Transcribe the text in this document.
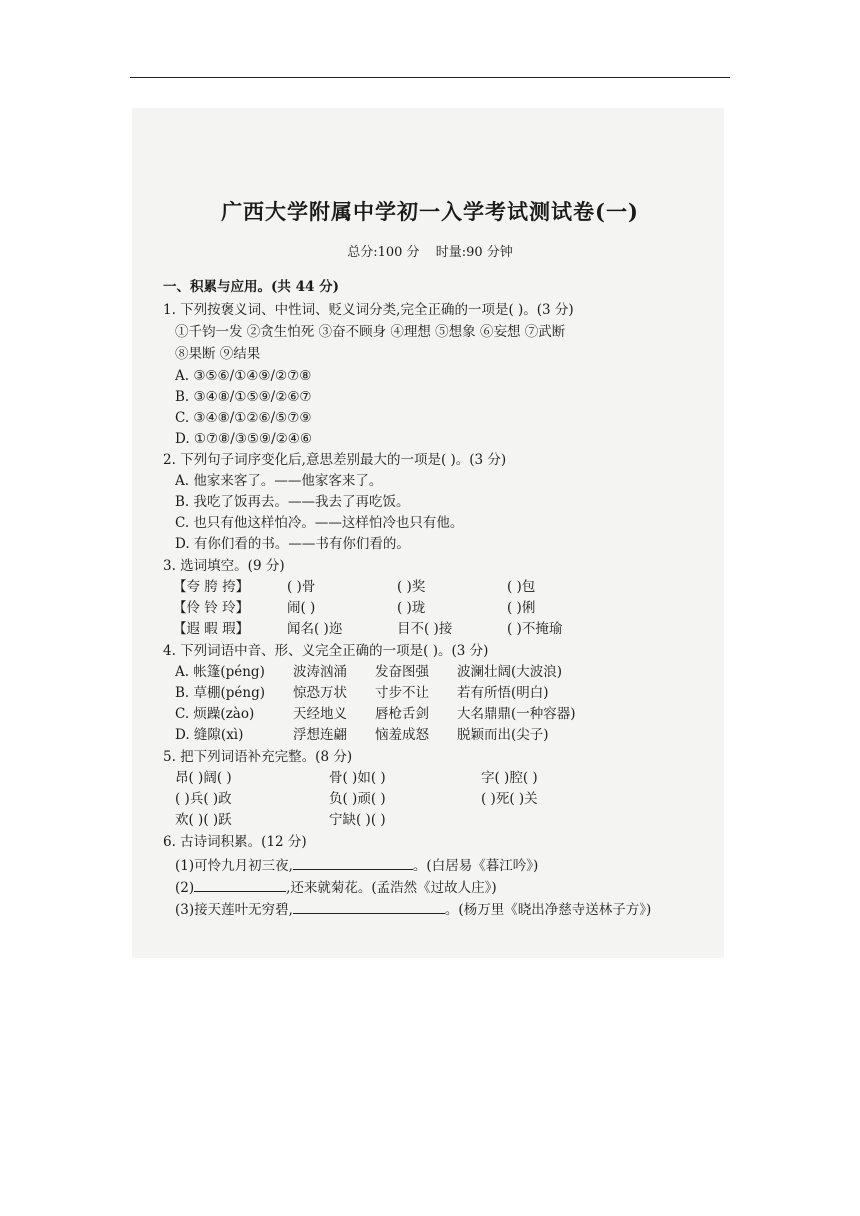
广西大学附属中学初一入学考试测试卷(一)
总分:100 分 时量:90 分钟
一、积累与应用。(共 44 分)
1. 下列按褒义词、中性词、贬义词分类,完全正确的一项是( )。(3 分)
①千钧一发 ②贪生怕死 ③奋不顾身 ④理想 ⑤想象 ⑥妄想 ⑦武断
⑧果断 ⑨结果
A. ③⑤⑥/①④⑨/②⑦⑧
B. ③④⑧/①⑤⑨/②⑥⑦
C. ③④⑧/①②⑥/⑤⑦⑨
D. ①⑦⑧/③⑤⑨/②④⑥
2. 下列句子词序变化后,意思差别最大的一项是( )。(3 分)
A. 他家来客了。——他家客来了。
B. 我吃了饭再去。——我去了再吃饭。
C. 也只有他这样怕冷。——这样怕冷也只有他。
D. 有你们看的书。——书有你们看的。
3. 选词填空。(9 分)
【夸 胯 挎】	( )骨	( )奖	( )包
【伶 铃 玲】	闹( )	( )珑	( )俐
【遐 暇 瑕】	闻名( )迩	目不( )接	( )不掩瑜
4. 下列词语中音、形、义完全正确的一项是( )。(3 分)
A. 帐篷(péng) 波涛汹涌 发奋图强 波澜壮阔(大波浪)
B. 草棚(péng) 惊恐万状 寸步不让 若有所悟(明白)
C. 烦躁(zào)	天经地义 唇枪舌剑 大名鼎鼎(一种容器)
D. 缝隙(xì)	浮想连翩 恼羞成怒 脱颖而出(尖子)
5. 把下列词语补充完整。(8 分)
昂( )阔( )	骨( )如( )	字( )腔( )
( )兵( )政	负( )顽( )	( )死( )关
欢( )( )跃	宁缺( )( )
6. 古诗词积累。(12 分)
(1)可怜九月初三夜,	。(白居易《暮江吟》)
(2)	,还来就菊花。(孟浩然《过故人庄》)
(3)接天莲叶无穷碧,	。(杨万里《晓出净慈寺送林子方》)
